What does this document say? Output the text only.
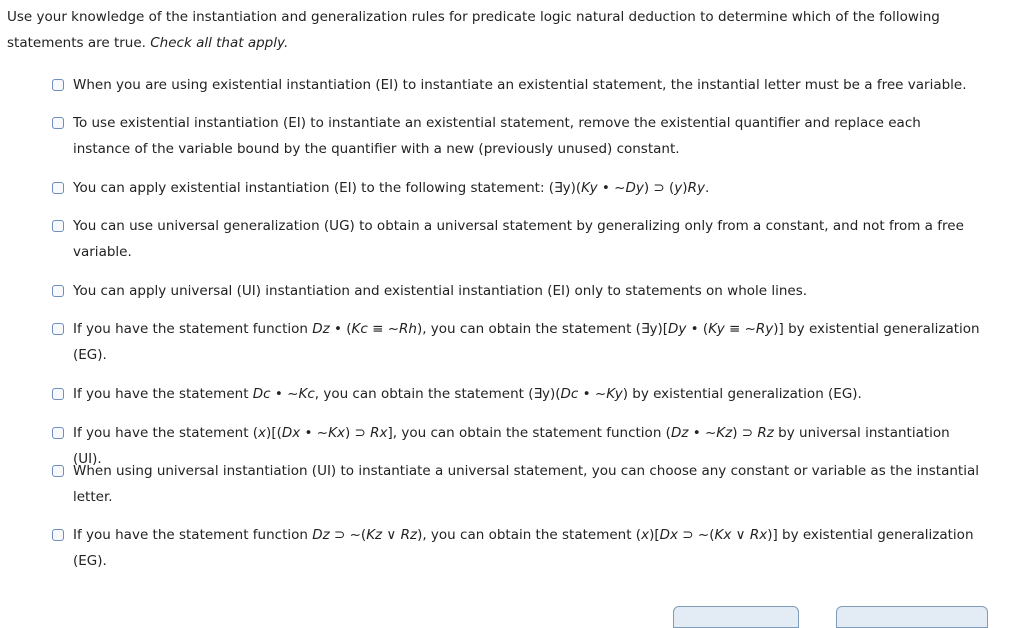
Use your knowledge of the instantiation and generalization rules for predicate logic natural deduction to determine which of the following statements are true. Check all that apply.

When you are using existential instantiation (EI) to instantiate an existential statement, the instantial letter must be a free variable.
To use existential instantiation (EI) to instantiate an existential statement, remove the existential quantifier and replace each instance of the variable bound by the quantifier with a new (previously unused) constant.
You can apply existential instantiation (EI) to the following statement: (∃y)(Ky • ~Dy) ⊃ (y)Ry.
You can use universal generalization (UG) to obtain a universal statement by generalizing only from a constant, and not from a free variable.
You can apply universal (UI) instantiation and existential instantiation (EI) only to statements on whole lines.
If you have the statement function Dz • (Kc ≡ ~Rh), you can obtain the statement (∃y)[Dy • (Ky ≡ ~Ry)] by existential generalization (EG).
If you have the statement Dc • ~Kc, you can obtain the statement (∃y)(Dc • ~Ky) by existential generalization (EG).
If you have the statement (x)[(Dx • ~Kx) ⊃ Rx], you can obtain the statement function (Dz • ~Kz) ⊃ Rz by universal instantiation (UI).
When using universal instantiation (UI) to instantiate a universal statement, you can choose any constant or variable as the instantial letter.
If you have the statement function Dz ⊃ ~(Kz ∨ Rz), you can obtain the statement (x)[Dx ⊃ ~(Kx ∨ Rx)] by existential generalization (EG).
